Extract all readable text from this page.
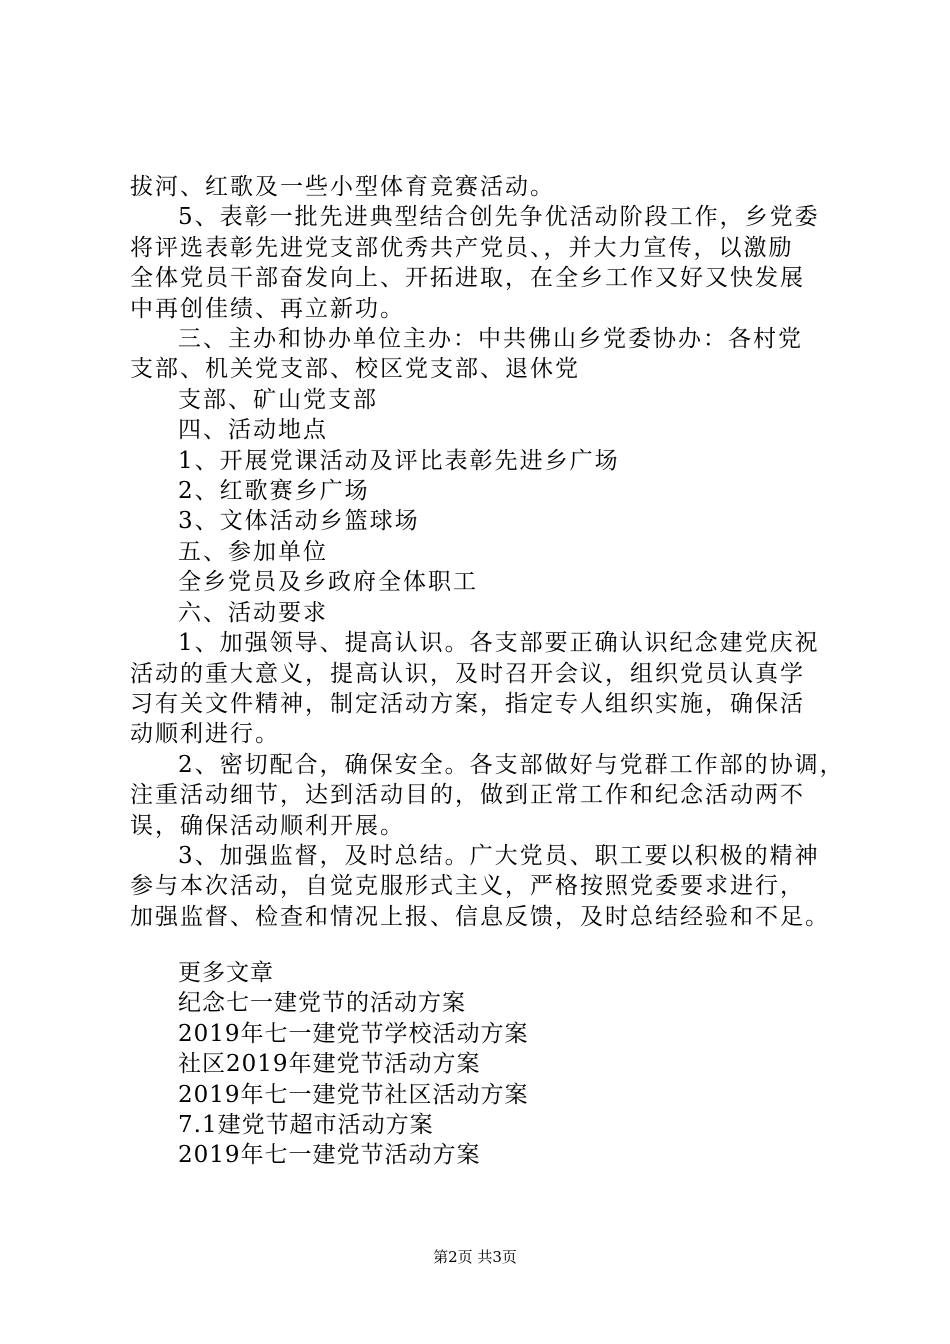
拔河、红歌及一些小型体育竞赛活动。

5、表彰一批先进典型结合创先争优活动阶段工作，乡党委

将评选表彰先进党支部优秀共产党员、，并大力宣传，以激励

全体党员干部奋发向上、开拓进取，在全乡工作又好又快发展

中再创佳绩、再立新功。

三、主办和协办单位主办：中共佛山乡党委协办：各村党

支部、机关党支部、校区党支部、退休党

支部、矿山党支部

四、活动地点

1、开展党课活动及评比表彰先进乡广场

2、红歌赛乡广场

3、文体活动乡篮球场

五、参加单位

全乡党员及乡政府全体职工

六、活动要求

1、加强领导、提高认识。各支部要正确认识纪念建党庆祝

活动的重大意义，提高认识，及时召开会议，组织党员认真学

习有关文件精神，制定活动方案，指定专人组织实施，确保活

动顺利进行。

2、密切配合，确保安全。各支部做好与党群工作部的协调，

注重活动细节，达到活动目的，做到正常工作和纪念活动两不

误，确保活动顺利开展。

3、加强监督，及时总结。广大党员、职工要以积极的精神

参与本次活动，自觉克服形式主义，严格按照党委要求进行，

加强监督、检查和情况上报、信息反馈，及时总结经验和不足。

更多文章

纪念七一建党节的活动方案

2019年七一建党节学校活动方案

社区2019年建党节活动方案

2019年七一建党节社区活动方案

7.1建党节超市活动方案

2019年七一建党节活动方案

第2页 共3页
